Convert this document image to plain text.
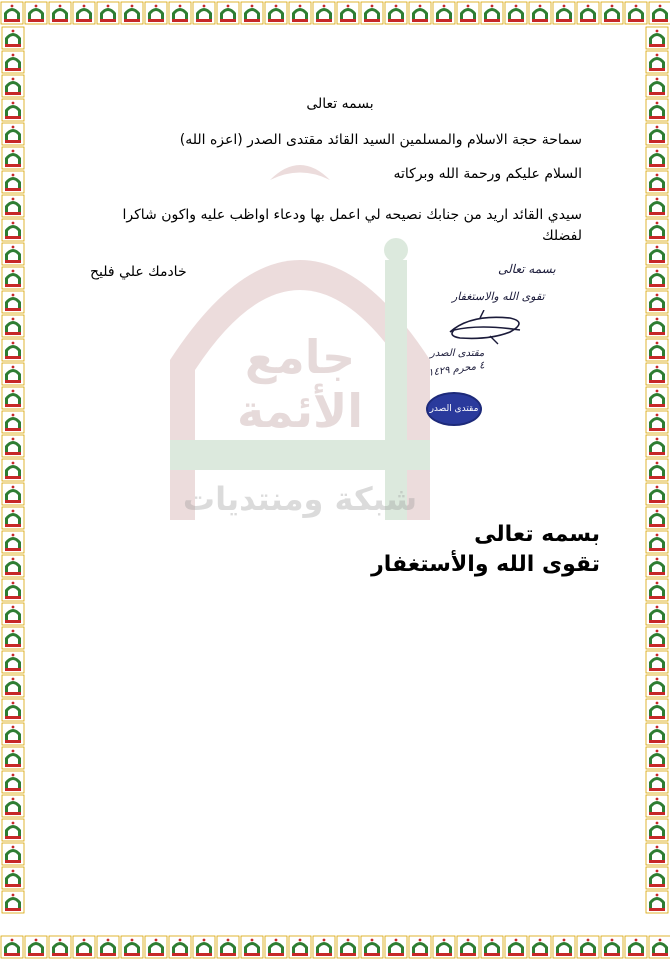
جامع الأئمة
شبكة ومنتديات
بسمه تعالى
سماحة حجة الاسلام والمسلمين السيد القائد مقتدى الصدر (اعزه الله)
السلام عليكم ورحمة الله وبركاته
سيدي القائد اريد من جنابك نصيحه لي اعمل بها ودعاء اواظب عليه واكون شاكرا
لفضلك
خادمك علي فليح	بسمه تعالى
تقوى الله والاستغفار
مقتدى الصدر
٤ محرم ١٤٢٩
مقتدى الصدر
بسمه تعالى
تقوى الله والأستغفار
